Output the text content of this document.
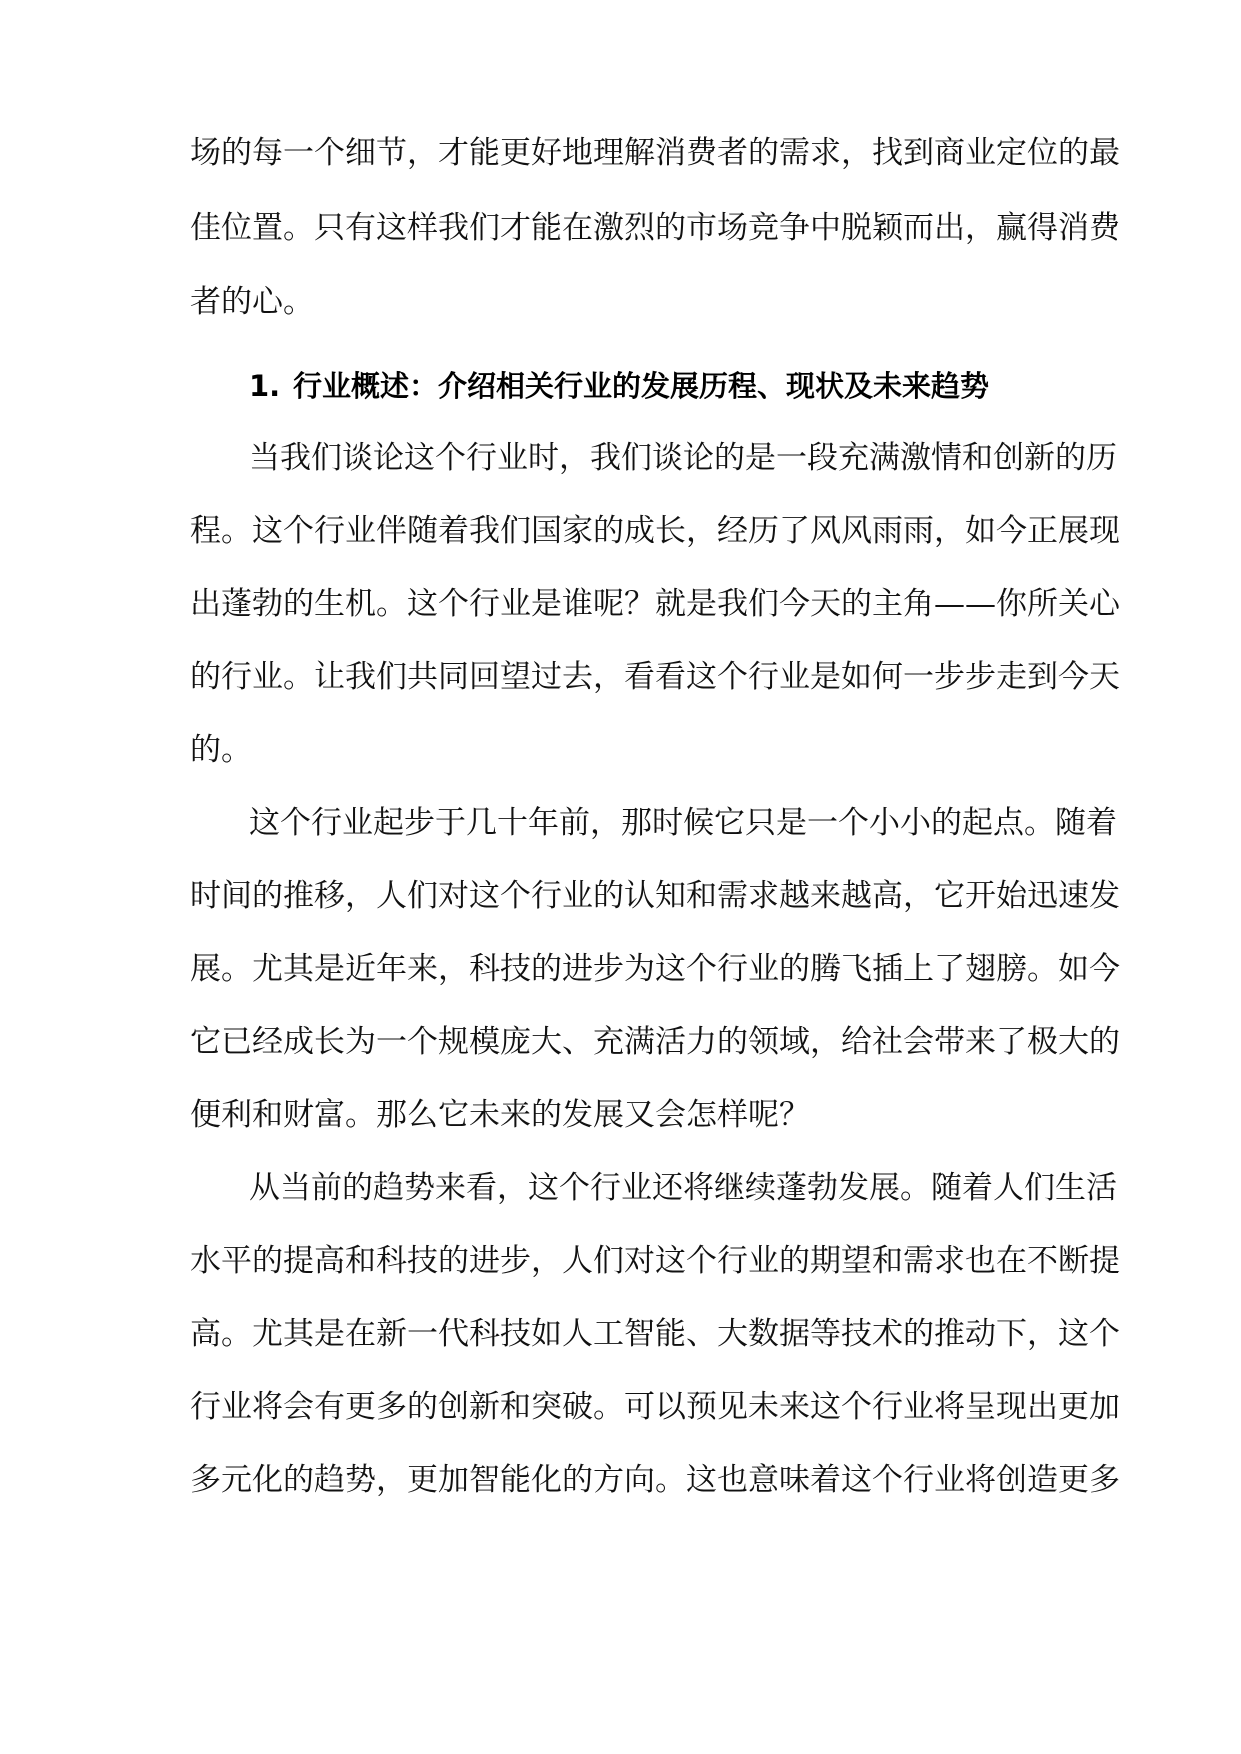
场的每一个细节，才能更好地理解消费者的需求，找到商业定位的最
佳位置。只有这样我们才能在激烈的市场竞争中脱颖而出，赢得消费
者的心。
1. 行业概述：介绍相关行业的发展历程、现状及未来趋势
当我们谈论这个行业时，我们谈论的是一段充满激情和创新的历
程。这个行业伴随着我们国家的成长，经历了风风雨雨，如今正展现
出蓬勃的生机。这个行业是谁呢？就是我们今天的主角——你所关心
的行业。让我们共同回望过去，看看这个行业是如何一步步走到今天
的。
这个行业起步于几十年前，那时候它只是一个小小的起点。随着
时间的推移，人们对这个行业的认知和需求越来越高，它开始迅速发
展。尤其是近年来，科技的进步为这个行业的腾飞插上了翅膀。如今
它已经成长为一个规模庞大、充满活力的领域，给社会带来了极大的
便利和财富。那么它未来的发展又会怎样呢？
从当前的趋势来看，这个行业还将继续蓬勃发展。随着人们生活
水平的提高和科技的进步，人们对这个行业的期望和需求也在不断提
高。尤其是在新一代科技如人工智能、大数据等技术的推动下，这个
行业将会有更多的创新和突破。可以预见未来这个行业将呈现出更加
多元化的趋势，更加智能化的方向。这也意味着这个行业将创造更多
